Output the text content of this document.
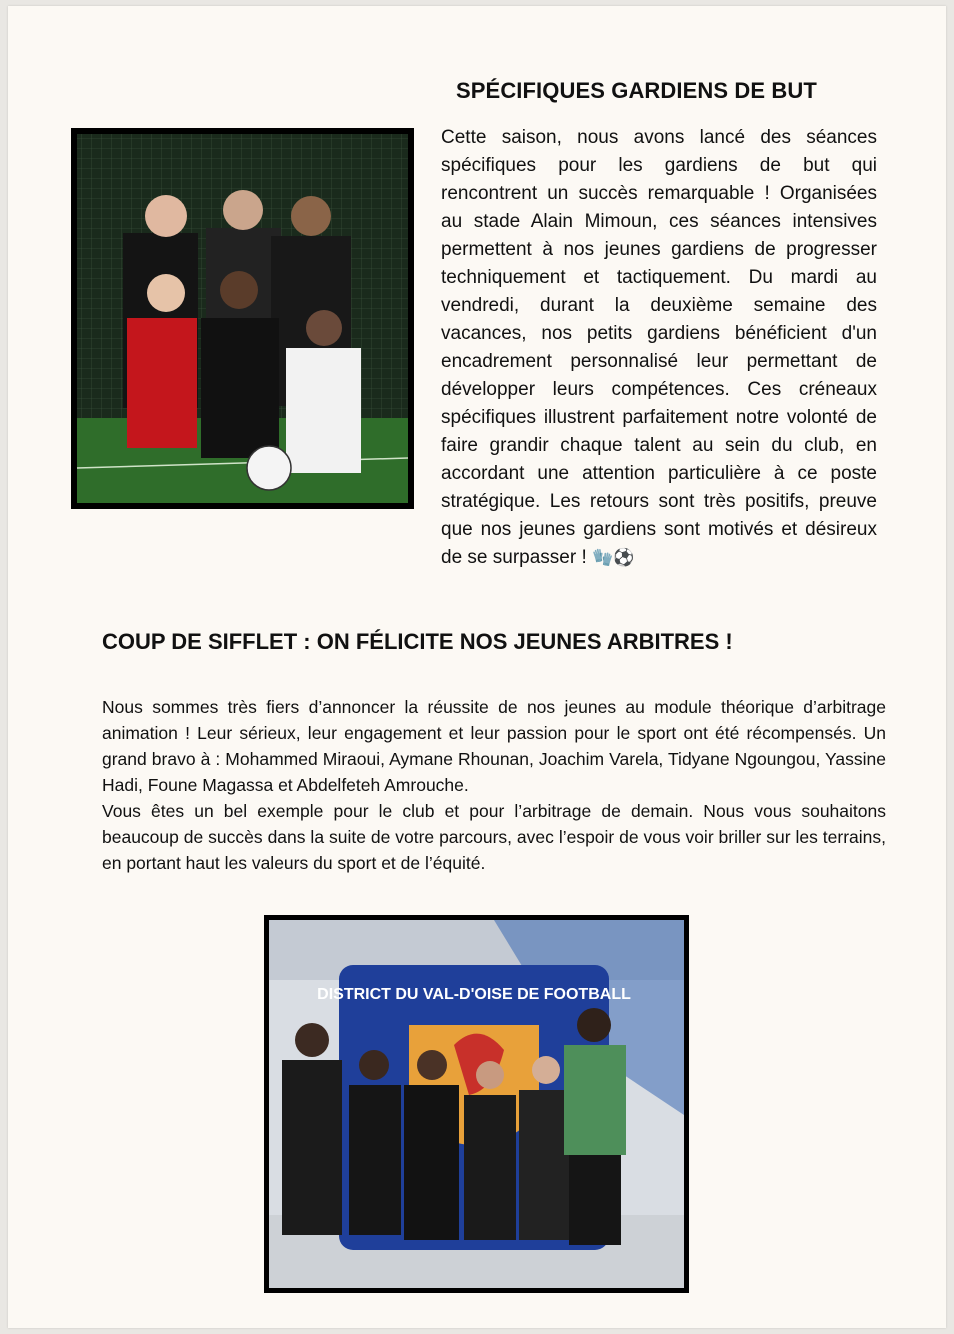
SPÉCIFIQUES GARDIENS DE BUT

Cette saison, nous avons lancé des séances spécifiques pour les gardiens de but qui rencontrent un succès remarquable ! Organisées au stade Alain Mimoun, ces séances intensives permettent à nos jeunes gardiens de progresser techniquement et tactiquement. Du mardi au vendredi, durant la deuxième semaine des vacances, nos petits gardiens bénéficient d'un encadrement personnalisé leur permettant de développer leurs compétences. Ces créneaux spécifiques illustrent parfaitement notre volonté de faire grandir chaque talent au sein du club, en accordant une attention particulière à ce poste stratégique. Les retours sont très positifs, preuve que nos jeunes gardiens sont motivés et désireux de se surpasser ! 🧤⚽

COUP DE SIFFLET : ON FÉLICITE NOS JEUNES ARBITRES !

Nous sommes très fiers d’annoncer la réussite de nos jeunes au module théorique d’arbitrage animation ! Leur sérieux, leur engagement et leur passion pour le sport ont été récompensés. Un grand bravo à : Mohammed Miraoui, Aymane Rhounan, Joachim Varela, Tidyane Ngoungou, Yassine Hadi, Foune Magassa et Abdelfeteh Amrouche.

Vous êtes un bel exemple pour le club et pour l’arbitrage de demain. Nous vous souhaitons beaucoup de succès dans la suite de votre parcours, avec l’espoir de vous voir briller sur les terrains, en portant haut les valeurs du sport et de l’équité.

DISTRICT DU VAL-D'OISE DE FOOTBALL
